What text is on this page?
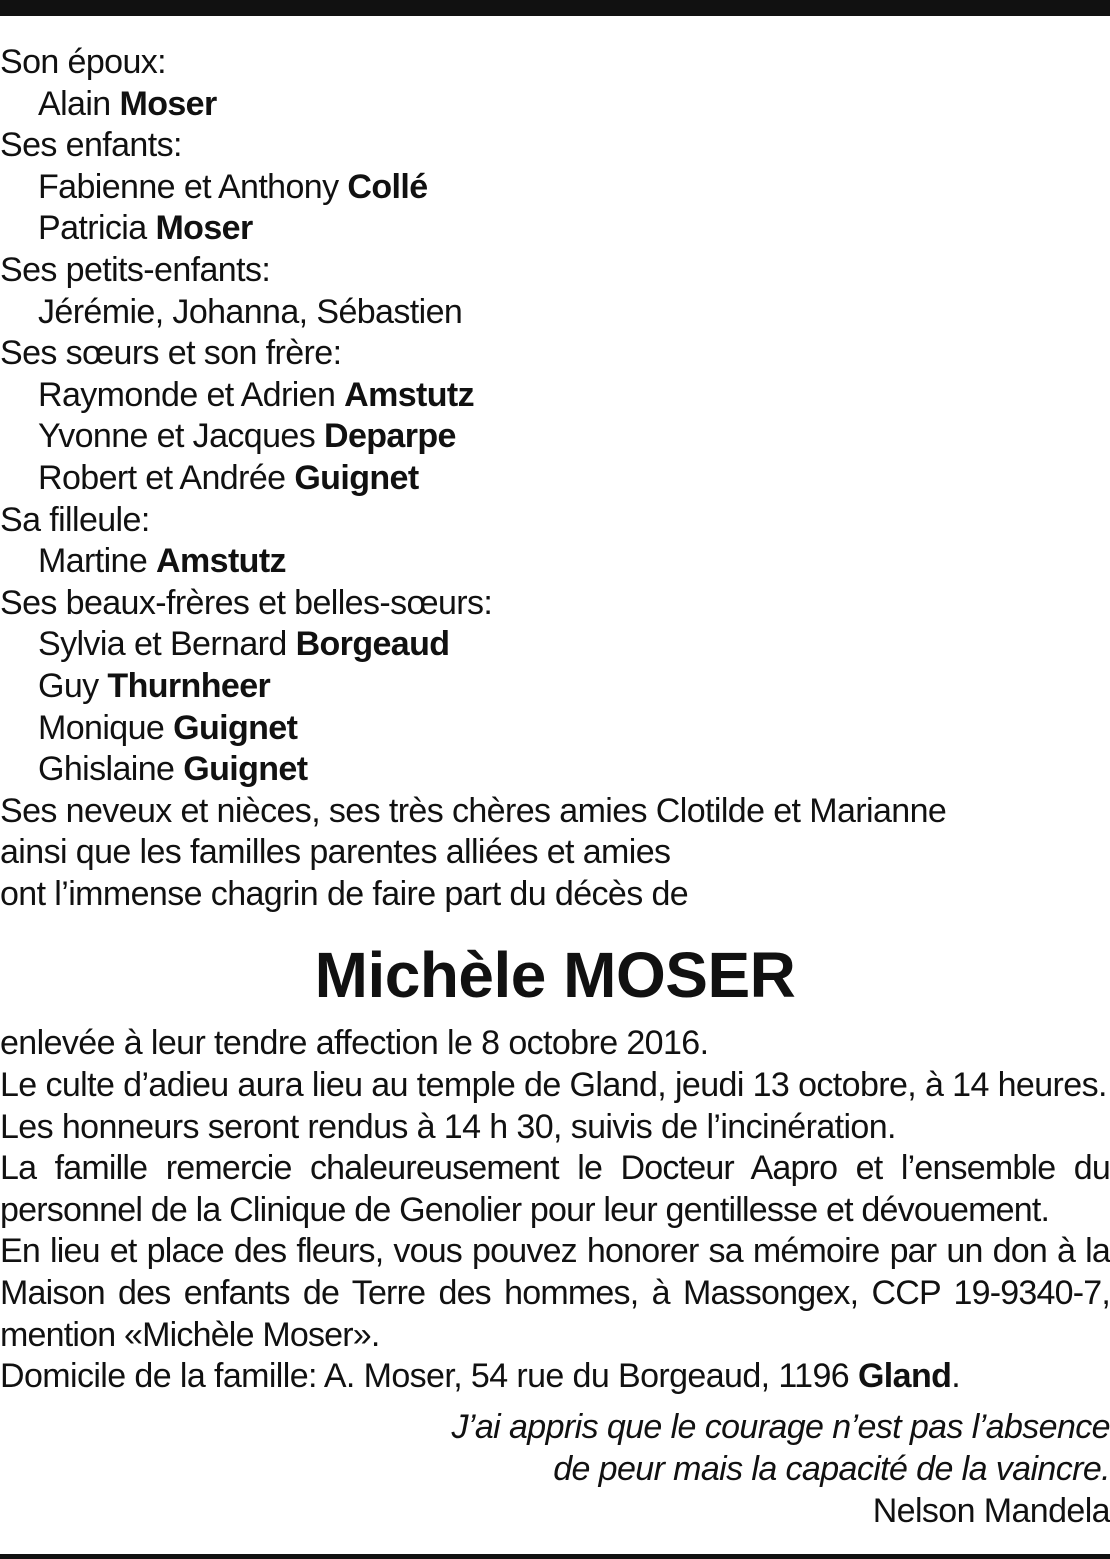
Son époux:
Alain Moser
Ses enfants:
Fabienne et Anthony Collé
Patricia Moser
Ses petits-enfants:
Jérémie, Johanna, Sébastien
Ses sœurs et son frère:
Raymonde et Adrien Amstutz
Yvonne et Jacques Deparpe
Robert et Andrée Guignet
Sa filleule:
Martine Amstutz
Ses beaux-frères et belles-sœurs:
Sylvia et Bernard Borgeaud
Guy Thurnheer
Monique Guignet
Ghislaine Guignet
Ses neveux et nièces, ses très chères amies Clotilde et Marianne
ainsi que les familles parentes alliées et amies
ont l’immense chagrin de faire part du décès de
Michèle MOSER
enlevée à leur tendre affection le 8 octobre 2016.
Le culte d’adieu aura lieu au temple de Gland, jeudi 13 octobre, à 14 heures.
Les honneurs seront rendus à 14 h 30, suivis de l’incinération.

La famille remercie chaleureusement le Docteur Aapro et l’ensemble du personnel de la Clinique de Genolier pour leur gentillesse et dévouement.

En lieu et place des fleurs, vous pouvez honorer sa mémoire par un don à la Maison des enfants de Terre des hommes, à Massongex, CCP 19-9340-7, mention «Michèle Moser».

Domicile de la famille: A. Moser, 54 rue du Borgeaud, 1196 Gland.
J’ai appris que le courage n’est pas l’absence
de peur mais la capacité de la vaincre.
Nelson Mandela
